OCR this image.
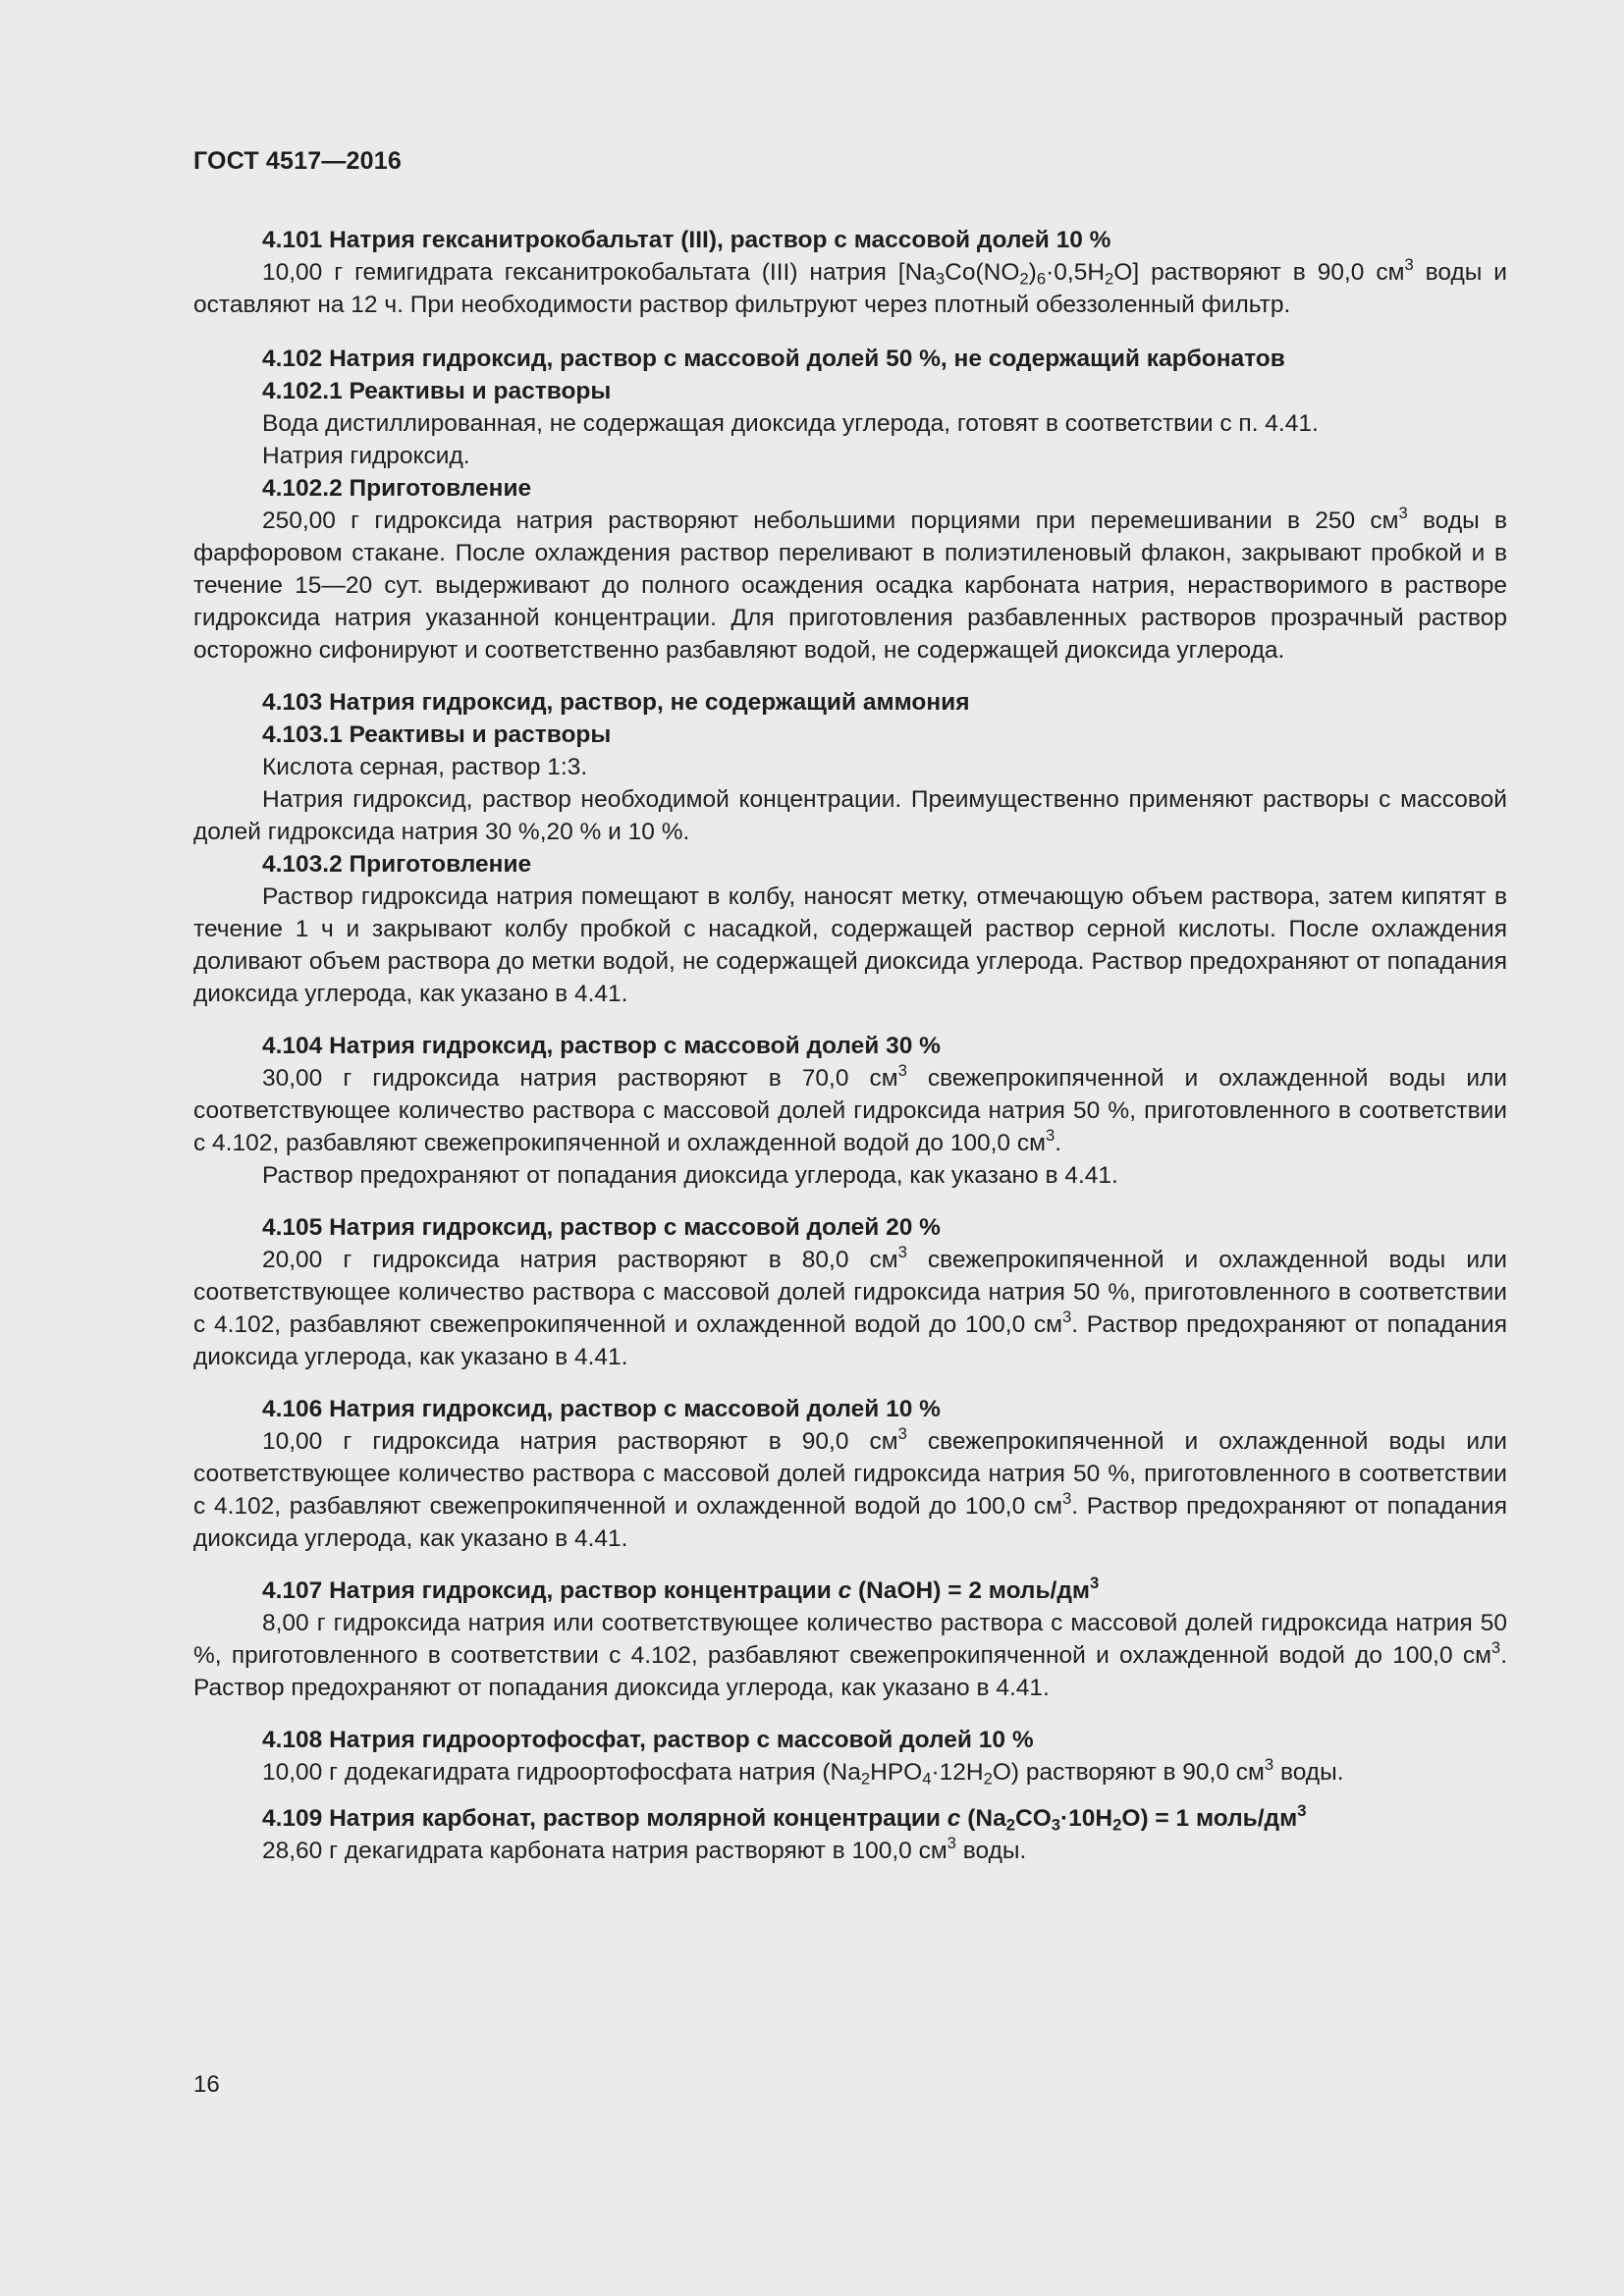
ГОСТ 4517—2016

4.101 Натрия гексанитрокобальтат (III), раствор с массовой долей 10 %

10,00 г гемигидрата гексанитрокобальтата (III) натрия $[Na_3Co(NO_2)_6\cdot 0,5H_2O]$ растворяют в 90,0 $см^3$ воды и оставляют на 12 ч. При необходимости раствор фильтруют через плотный обеззоленный фильтр.

4.102 Натрия гидроксид, раствор с массовой долей 50 %, не содержащий карбонатов

4.102.1 Реактивы и растворы

Вода дистиллированная, не содержащая диоксида углерода, готовят в соответствии с п. 4.41.

Натрия гидроксид.

4.102.2 Приготовление

250,00 г гидроксида натрия растворяют небольшими порциями при перемешивании в 250 $см^3$ воды в фарфоровом стакане. После охлаждения раствор переливают в полиэтиленовый флакон, закрывают пробкой и в течение 15—20 сут. выдерживают до полного осаждения осадка карбоната натрия, нерастворимого в растворе гидроксида натрия указанной концентрации. Для приготовления разбавленных растворов прозрачный раствор осторожно сифонируют и соответственно разбавляют водой, не содержащей диоксида углерода.

4.103 Натрия гидроксид, раствор, не содержащий аммония

4.103.1 Реактивы и растворы

Кислота серная, раствор 1:3.

Натрия гидроксид, раствор необходимой концентрации. Преимущественно применяют растворы с массовой долей гидроксида натрия 30 %,20 % и 10 %.

4.103.2 Приготовление

Раствор гидроксида натрия помещают в колбу, наносят метку, отмечающую объем раствора, затем кипятят в течение 1 ч и закрывают колбу пробкой с насадкой, содержащей раствор серной кислоты. После охлаждения доливают объем раствора до метки водой, не содержащей диоксида углерода. Раствор предохраняют от попадания диоксида углерода, как указано в 4.41.

4.104 Натрия гидроксид, раствор с массовой долей 30 %

30,00 г гидроксида натрия растворяют в 70,0 $см^3$ свежепрокипяченной и охлажденной воды или соответствующее количество раствора с массовой долей гидроксида натрия 50 %, приготовленного в соответствии с 4.102, разбавляют свежепрокипяченной и охлажденной водой до 100,0 $см^3$.

Раствор предохраняют от попадания диоксида углерода, как указано в 4.41.

4.105 Натрия гидроксид, раствор с массовой долей 20 %

20,00 г гидроксида натрия растворяют в 80,0 $см^3$ свежепрокипяченной и охлажденной воды или соответствующее количество раствора с массовой долей гидроксида натрия 50 %, приготовленного в соответствии с 4.102, разбавляют свежепрокипяченной и охлажденной водой до 100,0 $см^3$. Раствор предохраняют от попадания диоксида углерода, как указано в 4.41.

4.106 Натрия гидроксид, раствор с массовой долей 10 %

10,00 г гидроксида натрия растворяют в 90,0 $см^3$ свежепрокипяченной и охлажденной воды или соответствующее количество раствора с массовой долей гидроксида натрия 50 %, приготовленного в соответствии с 4.102, разбавляют свежепрокипяченной и охлажденной водой до 100,0 $см^3$. Раствор предохраняют от попадания диоксида углерода, как указано в 4.41.

4.107 Натрия гидроксид, раствор концентрации c (NaOH) = 2 моль/$дм^3$

8,00 г гидроксида натрия или соответствующее количество раствора с массовой долей гидроксида натрия 50 %, приготовленного в соответствии с 4.102, разбавляют свежепрокипяченной и охлажденной водой до 100,0 $см^3$. Раствор предохраняют от попадания диоксида углерода, как указано в 4.41.

4.108 Натрия гидроортофосфат, раствор с массовой долей 10 %

10,00 г додекагидрата гидроортофосфата натрия $(Na_2HPO_4\cdot 12H_2O)$ растворяют в 90,0 $см^3$ воды.

4.109 Натрия карбонат, раствор молярной концентрации c $(Na_2CO_3\cdot 10H_2O) = 1$ моль/$дм^3$

28,60 г декагидрата карбоната натрия растворяют в 100,0 $см^3$ воды.

16
